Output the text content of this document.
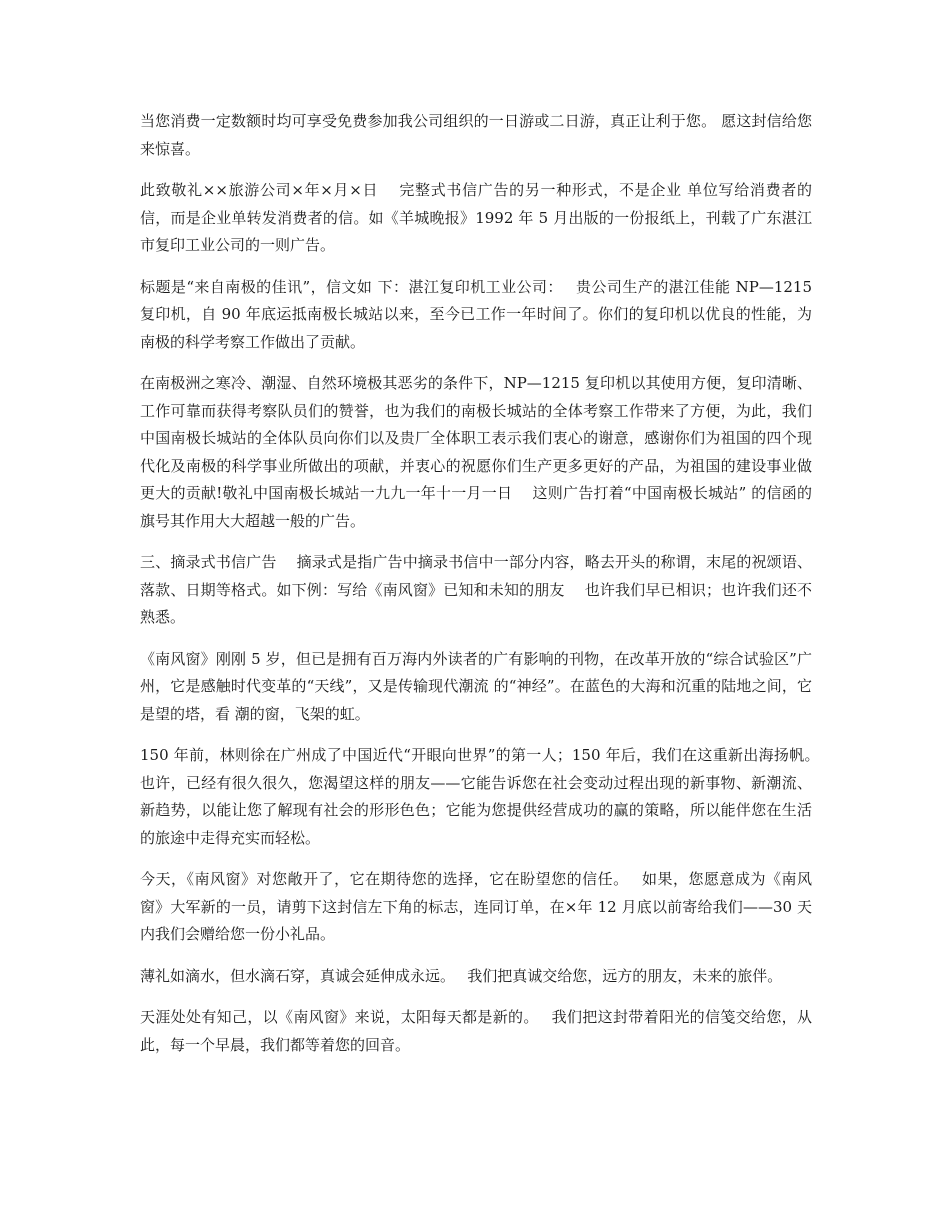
当您消费一定数额时均可享受免费参加我公司组织的一日游或二日游，真正让利于您。 愿这封信给您来惊喜。

此致敬礼××旅游公司×年×月×日　 完整式书信广告的另一种形式，不是企业 单位写给消费者的信，而是企业单转发消费者的信。如《羊城晚报》1992 年 5 月出版的一份报纸上，刊载了广东湛江市复印工业公司的一则广告。

标题是“来自南极的佳讯”，信文如 下：湛江复印机工业公司：　 贵公司生产的湛江佳能 NP—1215 复印机，自 90 年底运抵南极长城站以来，至今已工作一年时间了。你们的复印机以优良的性能，为南极的科学考察工作做出了贡献。

在南极洲之寒冷、潮湿、自然环境极其恶劣的条件下，NP—1215 复印机以其使用方便，复印清晰、工作可靠而获得考察队员们的赞誉，也为我们的南极长城站的全体考察工作带来了方便，为此，我们中国南极长城站的全体队员向你们以及贵厂全体职工表示我们衷心的谢意，感谢你们为祖国的四个现代化及南极的科学事业所做出的项献，并衷心的祝愿你们生产更多更好的产品，为祖国的建设事业做更大的贡献!敬礼中国南极长城站一九九一年十一月一日　 这则广告打着“中国南极长城站” 的信函的旗号其作用大大超越一般的广告。

三、摘录式书信广告　 摘录式是指广告中摘录书信中一部分内容，略去开头的称谓，末尾的祝颂语、落款、日期等格式。如下例：写给《南风窗》已知和未知的朋友　 也许我们早已相识；也许我们还不熟悉。

《南风窗》刚刚 5 岁，但已是拥有百万海内外读者的广有影响的刊物，在改革开放的“综合试验区”广州，它是感触时代变革的“天线”，又是传输现代潮流 的“神经”。在蓝色的大海和沉重的陆地之间，它是望的塔，看 潮的窗，飞架的虹。

150 年前，林则徐在广州成了中国近代“开眼向世界”的第一人；150 年后，我们在这重新出海扬帆。　 也许，已经有很久很久，您渴望这样的朋友——它能告诉您在社会变动过程出现的新事物、新潮流、新趋势，以能让您了解现有社会的形形色色；它能为您提供经营成功的赢的策略，所以能伴您在生活的旅途中走得充实而轻松。

今天，《南风窗》对您敞开了，它在期待您的选择，它在盼望您的信任。　 如果，您愿意成为《南风窗》大军新的一员，请剪下这封信左下角的标志，连同订单，在×年 12 月底以前寄给我们——30 天内我们会赠给您一份小礼品。

薄礼如滴水，但水滴石穿，真诚会延伸成永远。　 我们把真诚交给您，远方的朋友，未来的旅伴。

天涯处处有知己，以《南风窗》来说，太阳每天都是新的。　 我们把这封带着阳光的信笺交给您，从此，每一个早晨，我们都等着您的回音。
